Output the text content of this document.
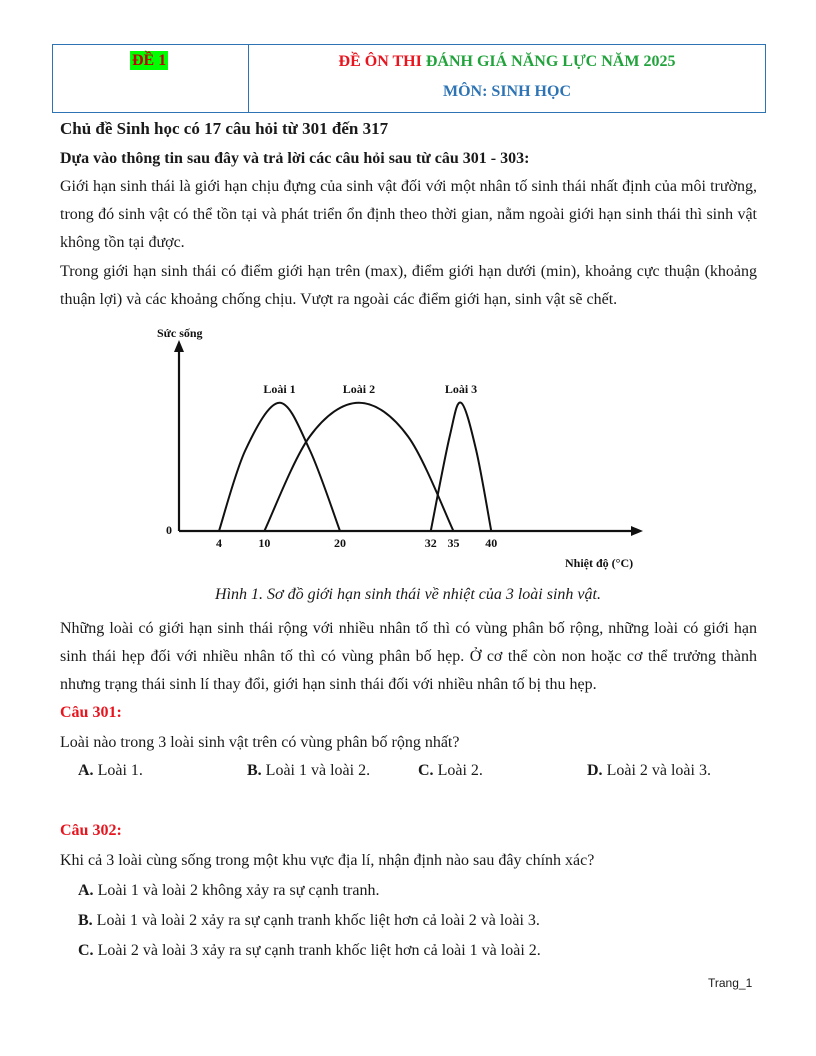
ĐỀ 1	ĐỀ ÔN THI ĐÁNH GIÁ NĂNG LỰC NĂM 2025
MÔN: SINH HỌC
Chủ đề Sinh học có 17 câu hỏi từ 301 đến 317
Dựa vào thông tin sau đây và trả lời các câu hỏi sau từ câu 301 - 303:
Giới hạn sinh thái là giới hạn chịu đựng của sinh vật đối với một nhân tố sinh thái nhất định của môi trường, trong đó sinh vật có thể tồn tại và phát triển ổn định theo thời gian, nằm ngoài giới hạn sinh thái thì sinh vật không tồn tại được.
Trong giới hạn sinh thái có điểm giới hạn trên (max), điểm giới hạn dưới (min), khoảng cực thuận (khoảng thuận lợi) và các khoảng chống chịu. Vượt ra ngoài các điểm giới hạn, sinh vật sẽ chết.
Sức sống
Nhiệt độ (°C)
0
4	10	20	32 35 40
Loài 1	Loài 2	Loài 3
Hình 1. Sơ đồ giới hạn sinh thái về nhiệt của 3 loài sinh vật.
Những loài có giới hạn sinh thái rộng với nhiều nhân tố thì có vùng phân bố rộng, những loài có giới hạn sinh thái hẹp đối với nhiều nhân tố thì có vùng phân bố hẹp. Ở cơ thể còn non hoặc cơ thể trưởng thành nhưng trạng thái sinh lí thay đổi, giới hạn sinh thái đối với nhiều nhân tố bị thu hẹp.
Câu 301:
Loài nào trong 3 loài sinh vật trên có vùng phân bố rộng nhất?
A. Loài 1.	B. Loài 1 và loài 2.	C. Loài 2.	D. Loài 2 và loài 3.
Câu 302:
Khi cả 3 loài cùng sống trong một khu vực địa lí, nhận định nào sau đây chính xác?
A. Loài 1 và loài 2 không xảy ra sự cạnh tranh.
B. Loài 1 và loài 2 xảy ra sự cạnh tranh khốc liệt hơn cả loài 2 và loài 3.
C. Loài 2 và loài 3 xảy ra sự cạnh tranh khốc liệt hơn cả loài 1 và loài 2.
Trang_1
